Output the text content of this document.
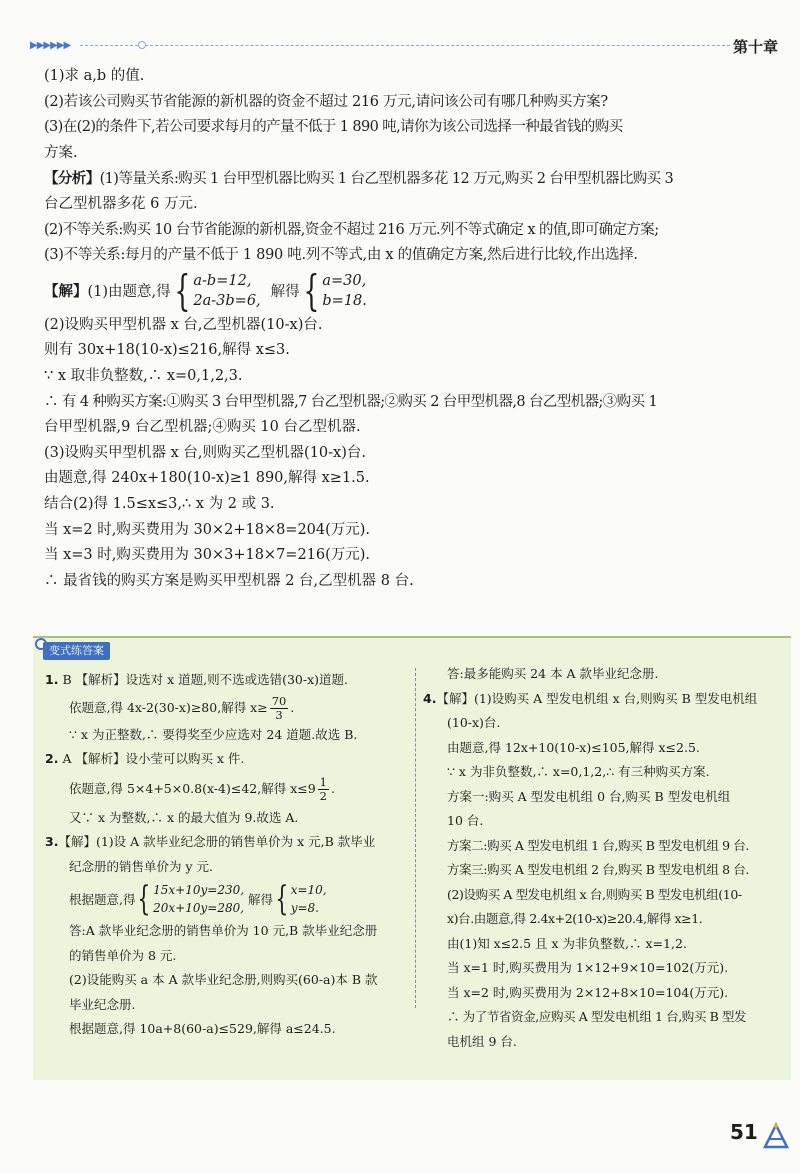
▶▶▶▶▶▶	第十章
(1)求 a,b 的值.
(2)若该公司购买节省能源的新机器的资金不超过 216 万元,请问该公司有哪几种购买方案?
(3)在(2)的条件下,若公司要求每月的产量不低于 1 890 吨,请你为该公司选择一种最省钱的购买
方案.
【分析】(1)等量关系:购买 1 台甲型机器比购买 1 台乙型机器多花 12 万元,购买 2 台甲型机器比购买 3
台乙型机器多花 6 万元.
(2)不等关系:购买 10 台节省能源的新机器,资金不超过 216 万元.列不等式确定 x 的值,即可确定方案;
(3)不等关系:每月的产量不低于 1 890 吨.列不等式,由 x 的值确定方案,然后进行比较,作出选择.
【解】 (1)由题意,得 { a-b=12,
2a-3b=6,
解得 { a=30,
b=18.
(2)设购买甲型机器 x 台,乙型机器(10-x)台.
则有 30x+18(10-x)≤216,解得 x≤3.
∵ x 取非负整数,∴ x=0,1,2,3.
∴ 有 4 种购买方案:①购买 3 台甲型机器,7 台乙型机器;②购买 2 台甲型机器,8 台乙型机器;③购买 1
台甲型机器,9 台乙型机器;④购买 10 台乙型机器.
(3)设购买甲型机器 x 台,则购买乙型机器(10-x)台.
由题意,得 240x+180(10-x)≥1 890,解得 x≥1.5.
结合(2)得 1.5≤x≤3,∴ x 为 2 或 3.
当 x=2 时,购买费用为 30×2+18×8=204(万元).
当 x=3 时,购买费用为 30×3+18×7=216(万元).
∴ 最省钱的购买方案是购买甲型机器 2 台,乙型机器 8 台.
变式练答案
1. B 【解析】设选对 x 道题,则不选或选错(30-x)道题.
依题意,得 4x-2(30-x)≥80,解得 $x\ge \frac{70}{3}$ .
∵ x 为正整数,∴ 要得奖至少应选对 24 道题.故选 B.
2. A 【解析】设小莹可以购买 x 件.
依题意,得 5×4+5×0.8(x-4)≤42,解得 $x\le 9 \frac{1}{2}$ .
又∵ x 为整数,∴ x 的最大值为 9.故选 A.
3.【解】(1)设 A 款毕业纪念册的销售单价为 x 元,B 款毕业
纪念册的销售单价为 y 元.
根据题意,得 { 15x+10y=230,
20x+10y=280,
解得 { x=10,
y=8.
答:A 款毕业纪念册的销售单价为 10 元,B 款毕业纪念册
的销售单价为 8 元.
(2)设能购买 a 本 A 款毕业纪念册,则购买(60-a)本 B 款
毕业纪念册.
根据题意,得 10a+8(60-a)≤529,解得 a≤24.5.
答:最多能购买 24 本 A 款毕业纪念册.
4.【解】(1)设购买 A 型发电机组 x 台,则购买 B 型发电机组
(10-x)台.
由题意,得 12x+10(10-x)≤105,解得 x≤2.5.
∵ x 为非负整数,∴ x=0,1,2,∴ 有三种购买方案.
方案一:购买 A 型发电机组 0 台,购买 B 型发电机组
10 台.
方案二:购买 A 型发电机组 1 台,购买 B 型发电机组 9 台.
方案三:购买 A 型发电机组 2 台,购买 B 型发电机组 8 台.
(2)设购买 A 型发电机组 x 台,则购买 B 型发电机组(10-
x)台.由题意,得 2.4x+2(10-x)≥20.4,解得 x≥1.
由(1)知 x≤2.5 且 x 为非负整数,∴ x=1,2.
当 x=1 时,购买费用为 1×12+9×10=102(万元).
当 x=2 时,购买费用为 2×12+8×10=104(万元).
∴ 为了节省资金,应购买 A 型发电机组 1 台,购买 B 型发
电机组 9 台.
51
